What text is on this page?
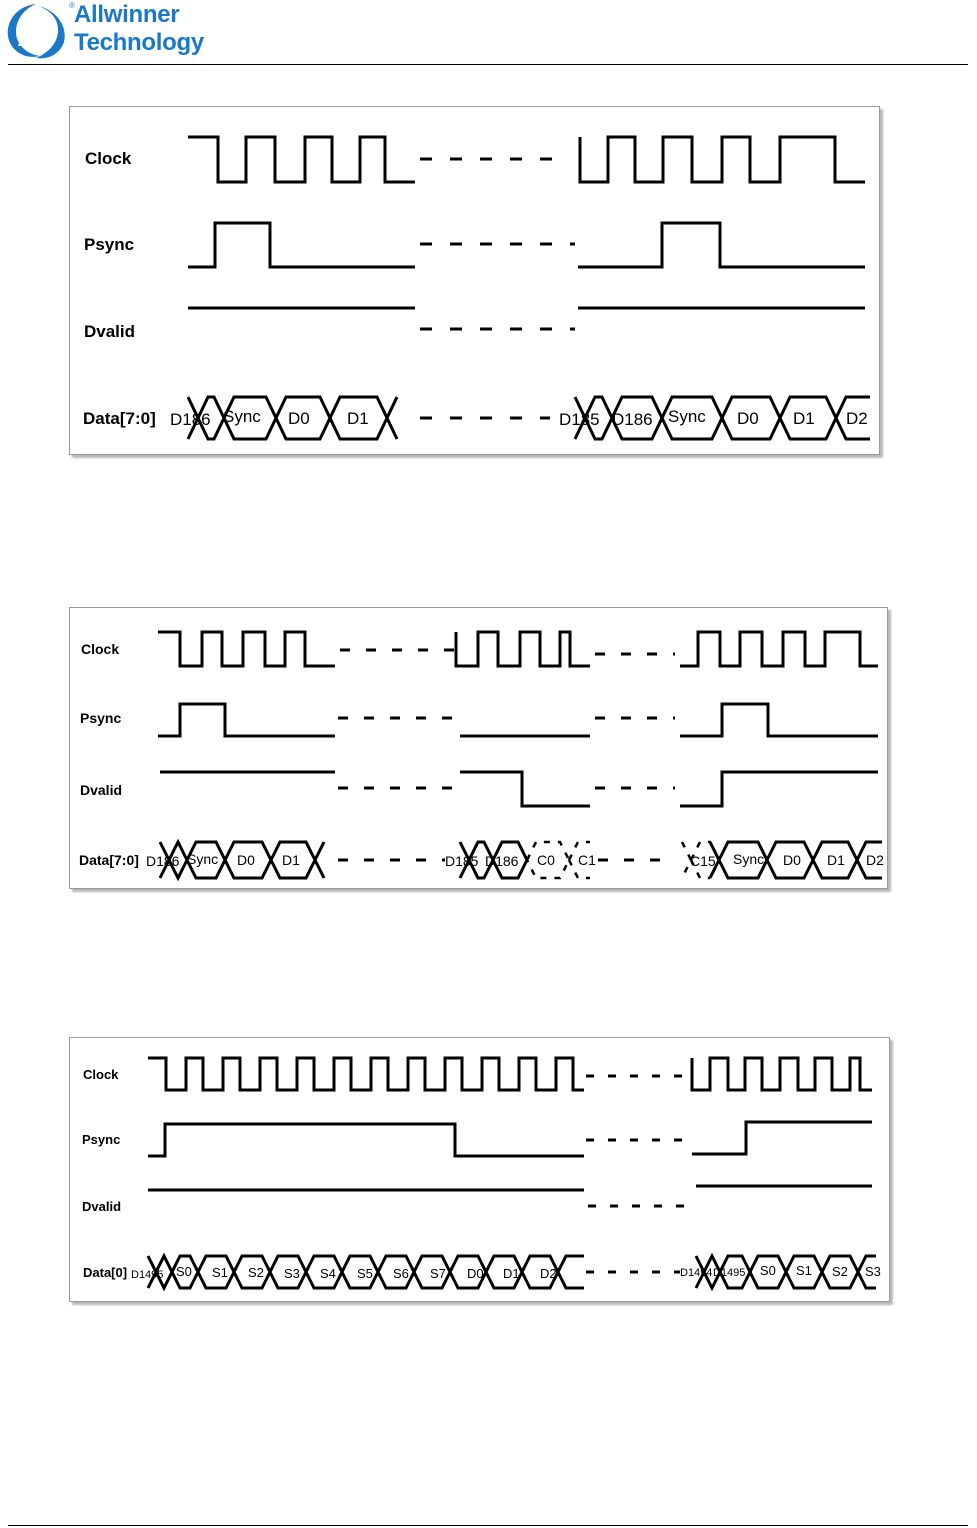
® Allwinner
Technology
Clock
Psync
Dvalid
Data[7:0] D186 Sync D0 D1	D185 D186 Sync D0 D1 D2
Clock
Psync
Dvalid
Data[7:0] D186 Sync D0 D1	D185 D186 C0 C1	C15 Sync D0 D1 D2
Clock
Psync
Dvalid
Data[0] D1495 S0 S1 S2 S3 S4 S5 S6 S7 D0 D1 D2	D1494 D1495 S0 S1 S2 S3
